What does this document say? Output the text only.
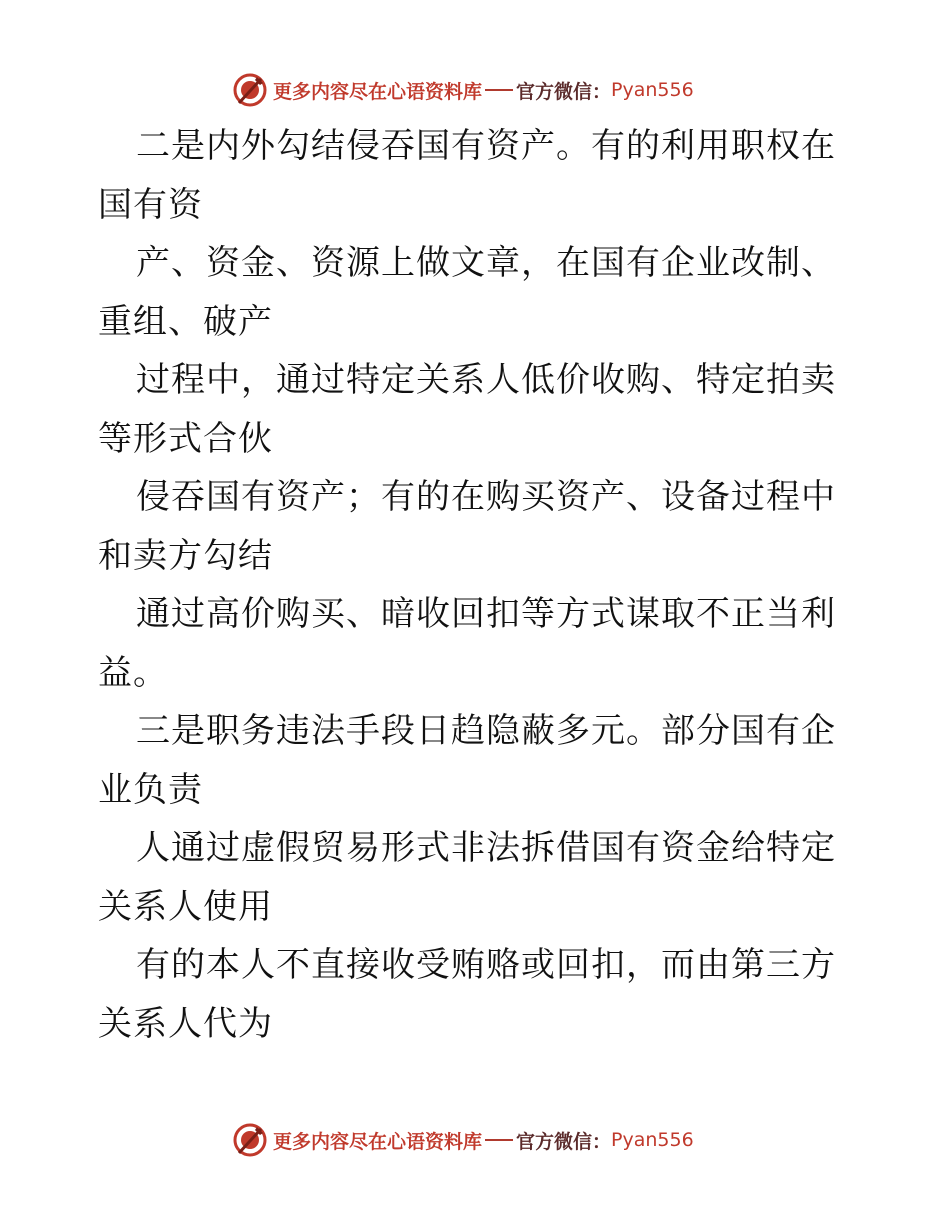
更多内容尽在心语资料库 官方微信： Pyan556

二是内外勾结侵吞国有资产。有的利用职权在国有资

产、资金、资源上做文章，在国有企业改制、重组、破产

过程中，通过特定关系人低价收购、特定拍卖等形式合伙

侵吞国有资产；有的在购买资产、设备过程中和卖方勾结

通过高价购买、暗收回扣等方式谋取不正当利 益。

三是职务违法手段日趋隐蔽多元。部分国有企业负责

人通过虚假贸易形式非法拆借国有资金给特定关系人使用

有的本人不直接收受贿赂或回扣，而由第三方关系人代为

更多内容尽在心语资料库 官方微信： Pyan556
